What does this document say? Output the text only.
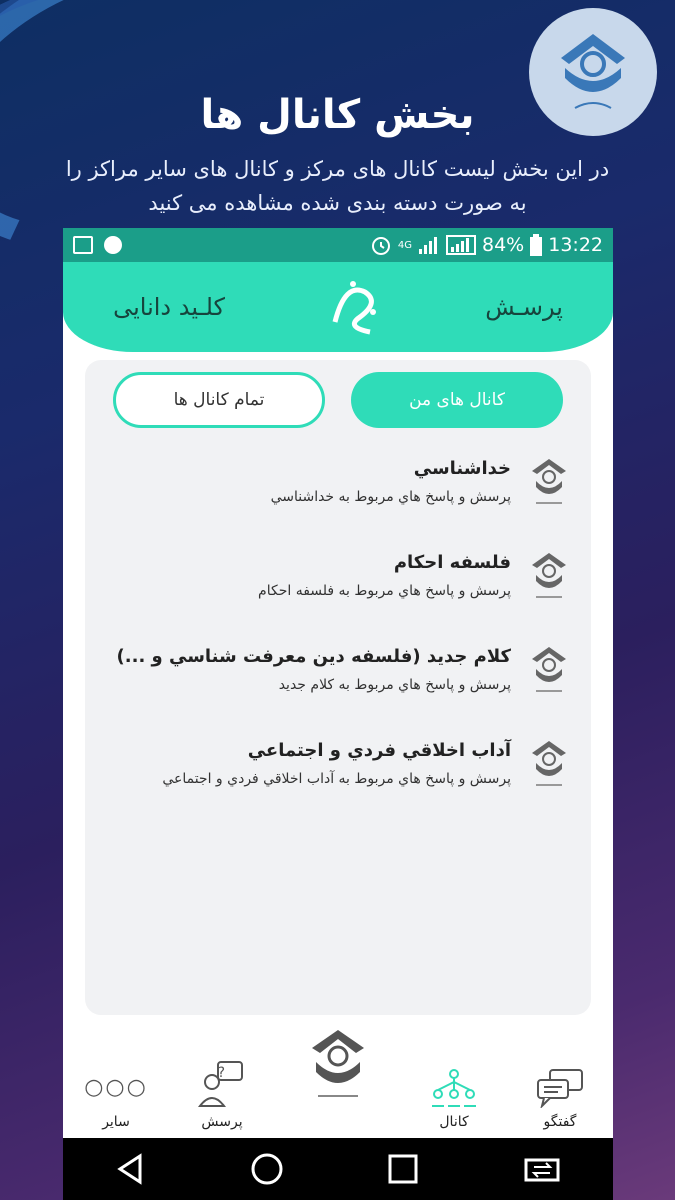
بخش کانال ها
در این بخش لیست کانال های مرکز و کانال های سایر مراکز را به صورت دسته بندی شده مشاهده می کنید
4G	84% 13:22
پرسـش
کلـید دانایی
کانال های من
تمام کانال ها
خداشناسي
پرسش و پاسخ هاي مربوط به خداشناسي
فلسفه احکام
پرسش و پاسخ هاي مربوط به فلسفه احکام
کلام جديد (فلسفه دين معرفت شناسي و ...)
پرسش و پاسخ هاي مربوط به کلام جديد
آداب اخلاقي فردي و اجتماعي
پرسش و پاسخ هاي مربوط به آداب اخلاقي فردي و اجتماعي
گفتگو
کانال
?
پرسش
○○○
سایر
